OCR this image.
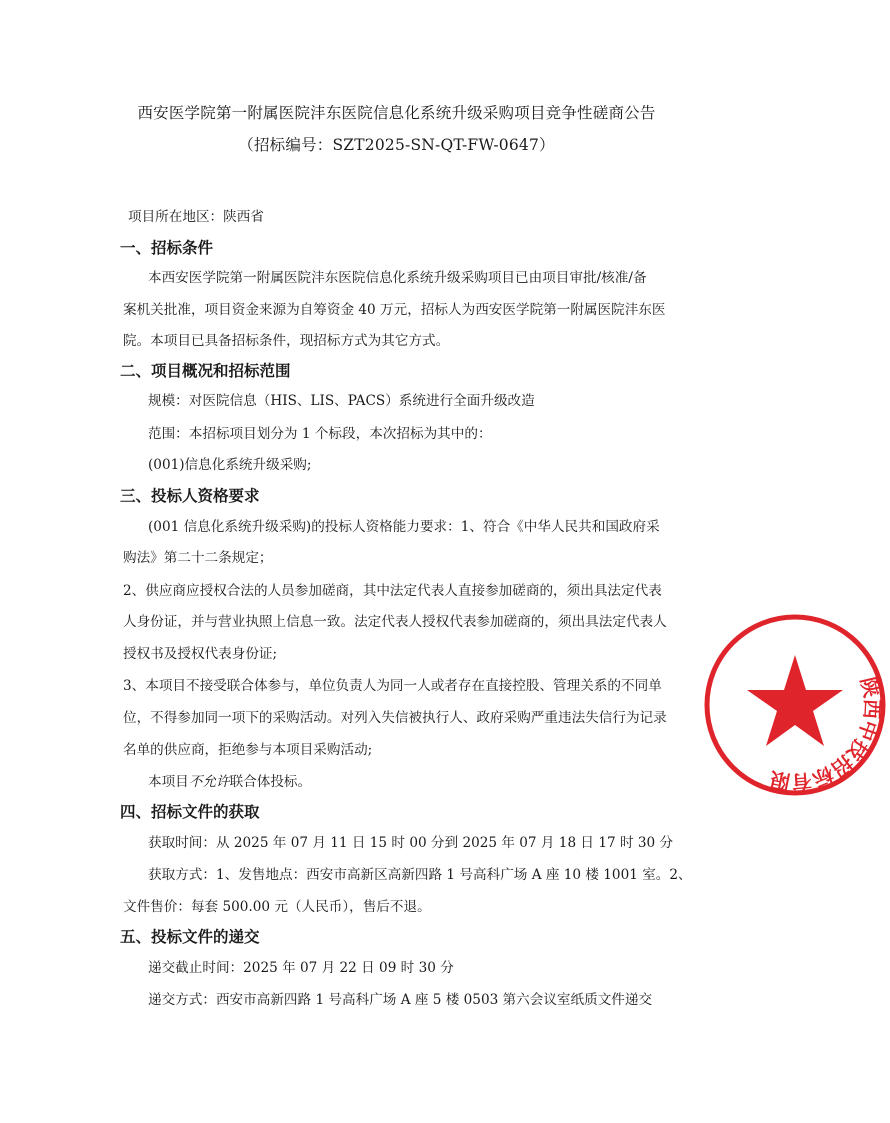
西安医学院第一附属医院沣东医院信息化系统升级采购项目竞争性磋商公告
（招标编号：SZT2025-SN-QT-FW-0647）
项目所在地区：陕西省
一、招标条件
本西安医学院第一附属医院沣东医院信息化系统升级采购项目已由项目审批/核准/备
案机关批准，项目资金来源为自筹资金 40 万元，招标人为西安医学院第一附属医院沣东医
院。本项目已具备招标条件，现招标方式为其它方式。
二、项目概况和招标范围
规模：对医院信息（HIS、LIS、PACS）系统进行全面升级改造
范围：本招标项目划分为 1 个标段，本次招标为其中的：
(001)信息化系统升级采购;
三、投标人资格要求
(001 信息化系统升级采购)的投标人资格能力要求：1、符合《中华人民共和国政府采
购法》第二十二条规定；
2、供应商应授权合法的人员参加磋商，其中法定代表人直接参加磋商的，须出具法定代表
人身份证，并与营业执照上信息一致。法定代表人授权代表参加磋商的，须出具法定代表人
授权书及授权代表身份证;
3、本项目不接受联合体参与，单位负责人为同一人或者存在直接控股、管理关系的不同单
位，不得参加同一项下的采购活动。对列入失信被执行人、政府采购严重违法失信行为记录
名单的供应商，拒绝参与本项目采购活动;
本项目不允许联合体投标。
四、招标文件的获取
获取时间：从 2025 年 07 月 11 日 15 时 00 分到 2025 年 07 月 18 日 17 时 30 分
获取方式：1、发售地点：西安市高新区高新四路 1 号高科广场 A 座 10 楼 1001 室。2、
文件售价：每套 500.00 元（人民币），售后不退。
五、投标文件的递交
递交截止时间：2025 年 07 月 22 日 09 时 30 分
递交方式：西安市高新四路 1 号高科广场 A 座 5 楼 0503 第六会议室纸质文件递交
陕西中技招标有限
